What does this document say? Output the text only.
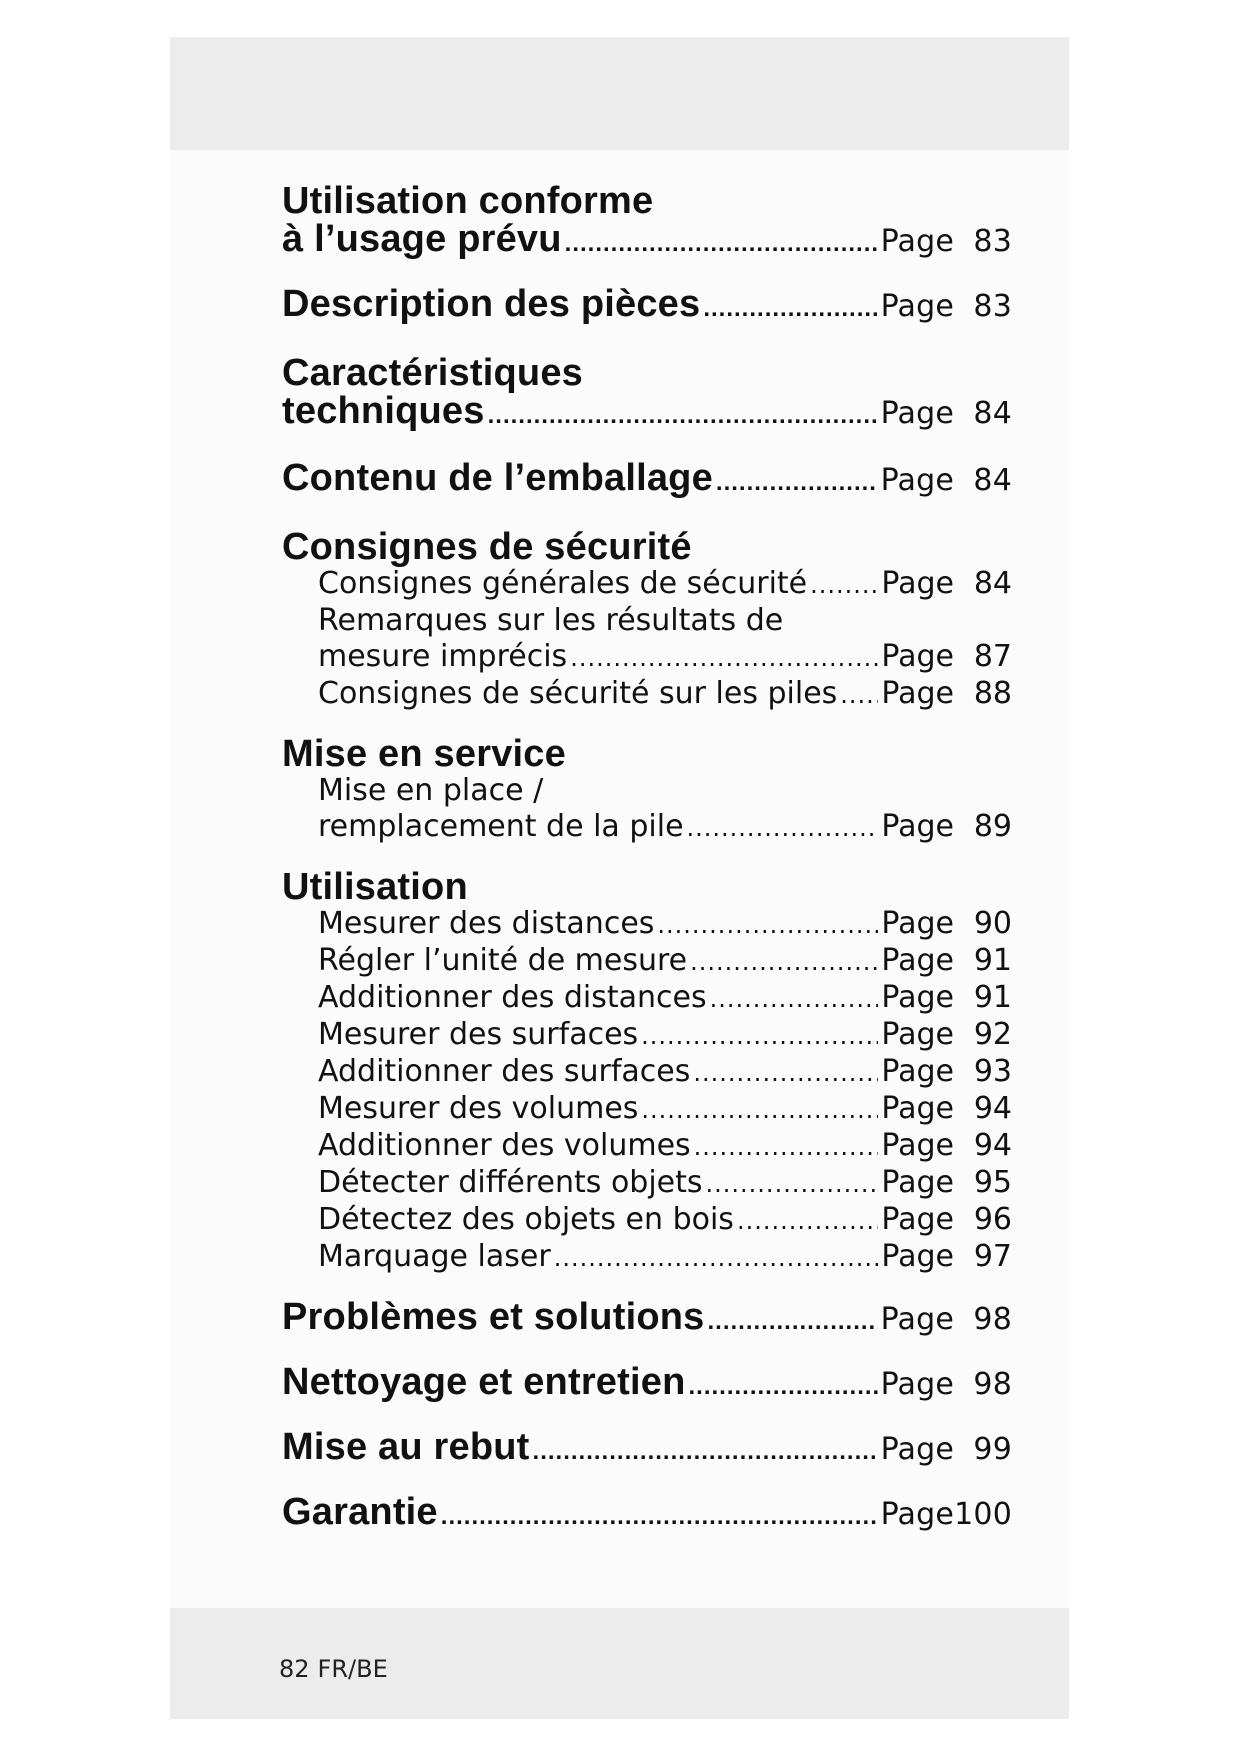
Utilisation conforme
à l’usage prévu .....	Page 83
Description des pièces .....	Page 83
Caractéristiques
techniques .....	Page 84
Contenu de l’emballage .....	Page 84
Consignes de sécurité
Consignes générales de sécurité ..... Page 84
Remarques sur les résultats de
mesure imprécis .....	Page 87
Consignes de sécurité sur les piles ..... Page 88
Mise en service
Mise en place /
remplacement de la pile .....	Page 89
Utilisation
Mesurer des distances .....	Page 90
Régler l’unité de mesure .....	Page 91
Additionner des distances .....	Page 91
Mesurer des surfaces .....	Page 92
Additionner des surfaces .....	Page 93
Mesurer des volumes .....	Page 94
Additionner des volumes .....	Page 94
Détecter différents objets .....	Page 95
Détectez des objets en bois .....	Page 96
Marquage laser .....	Page 97
Problèmes et solutions .....	Page 98
Nettoyage et entretien .....	Page 98
Mise au rebut .....	Page 99
Garantie .....	Page100
82 FR/BE
